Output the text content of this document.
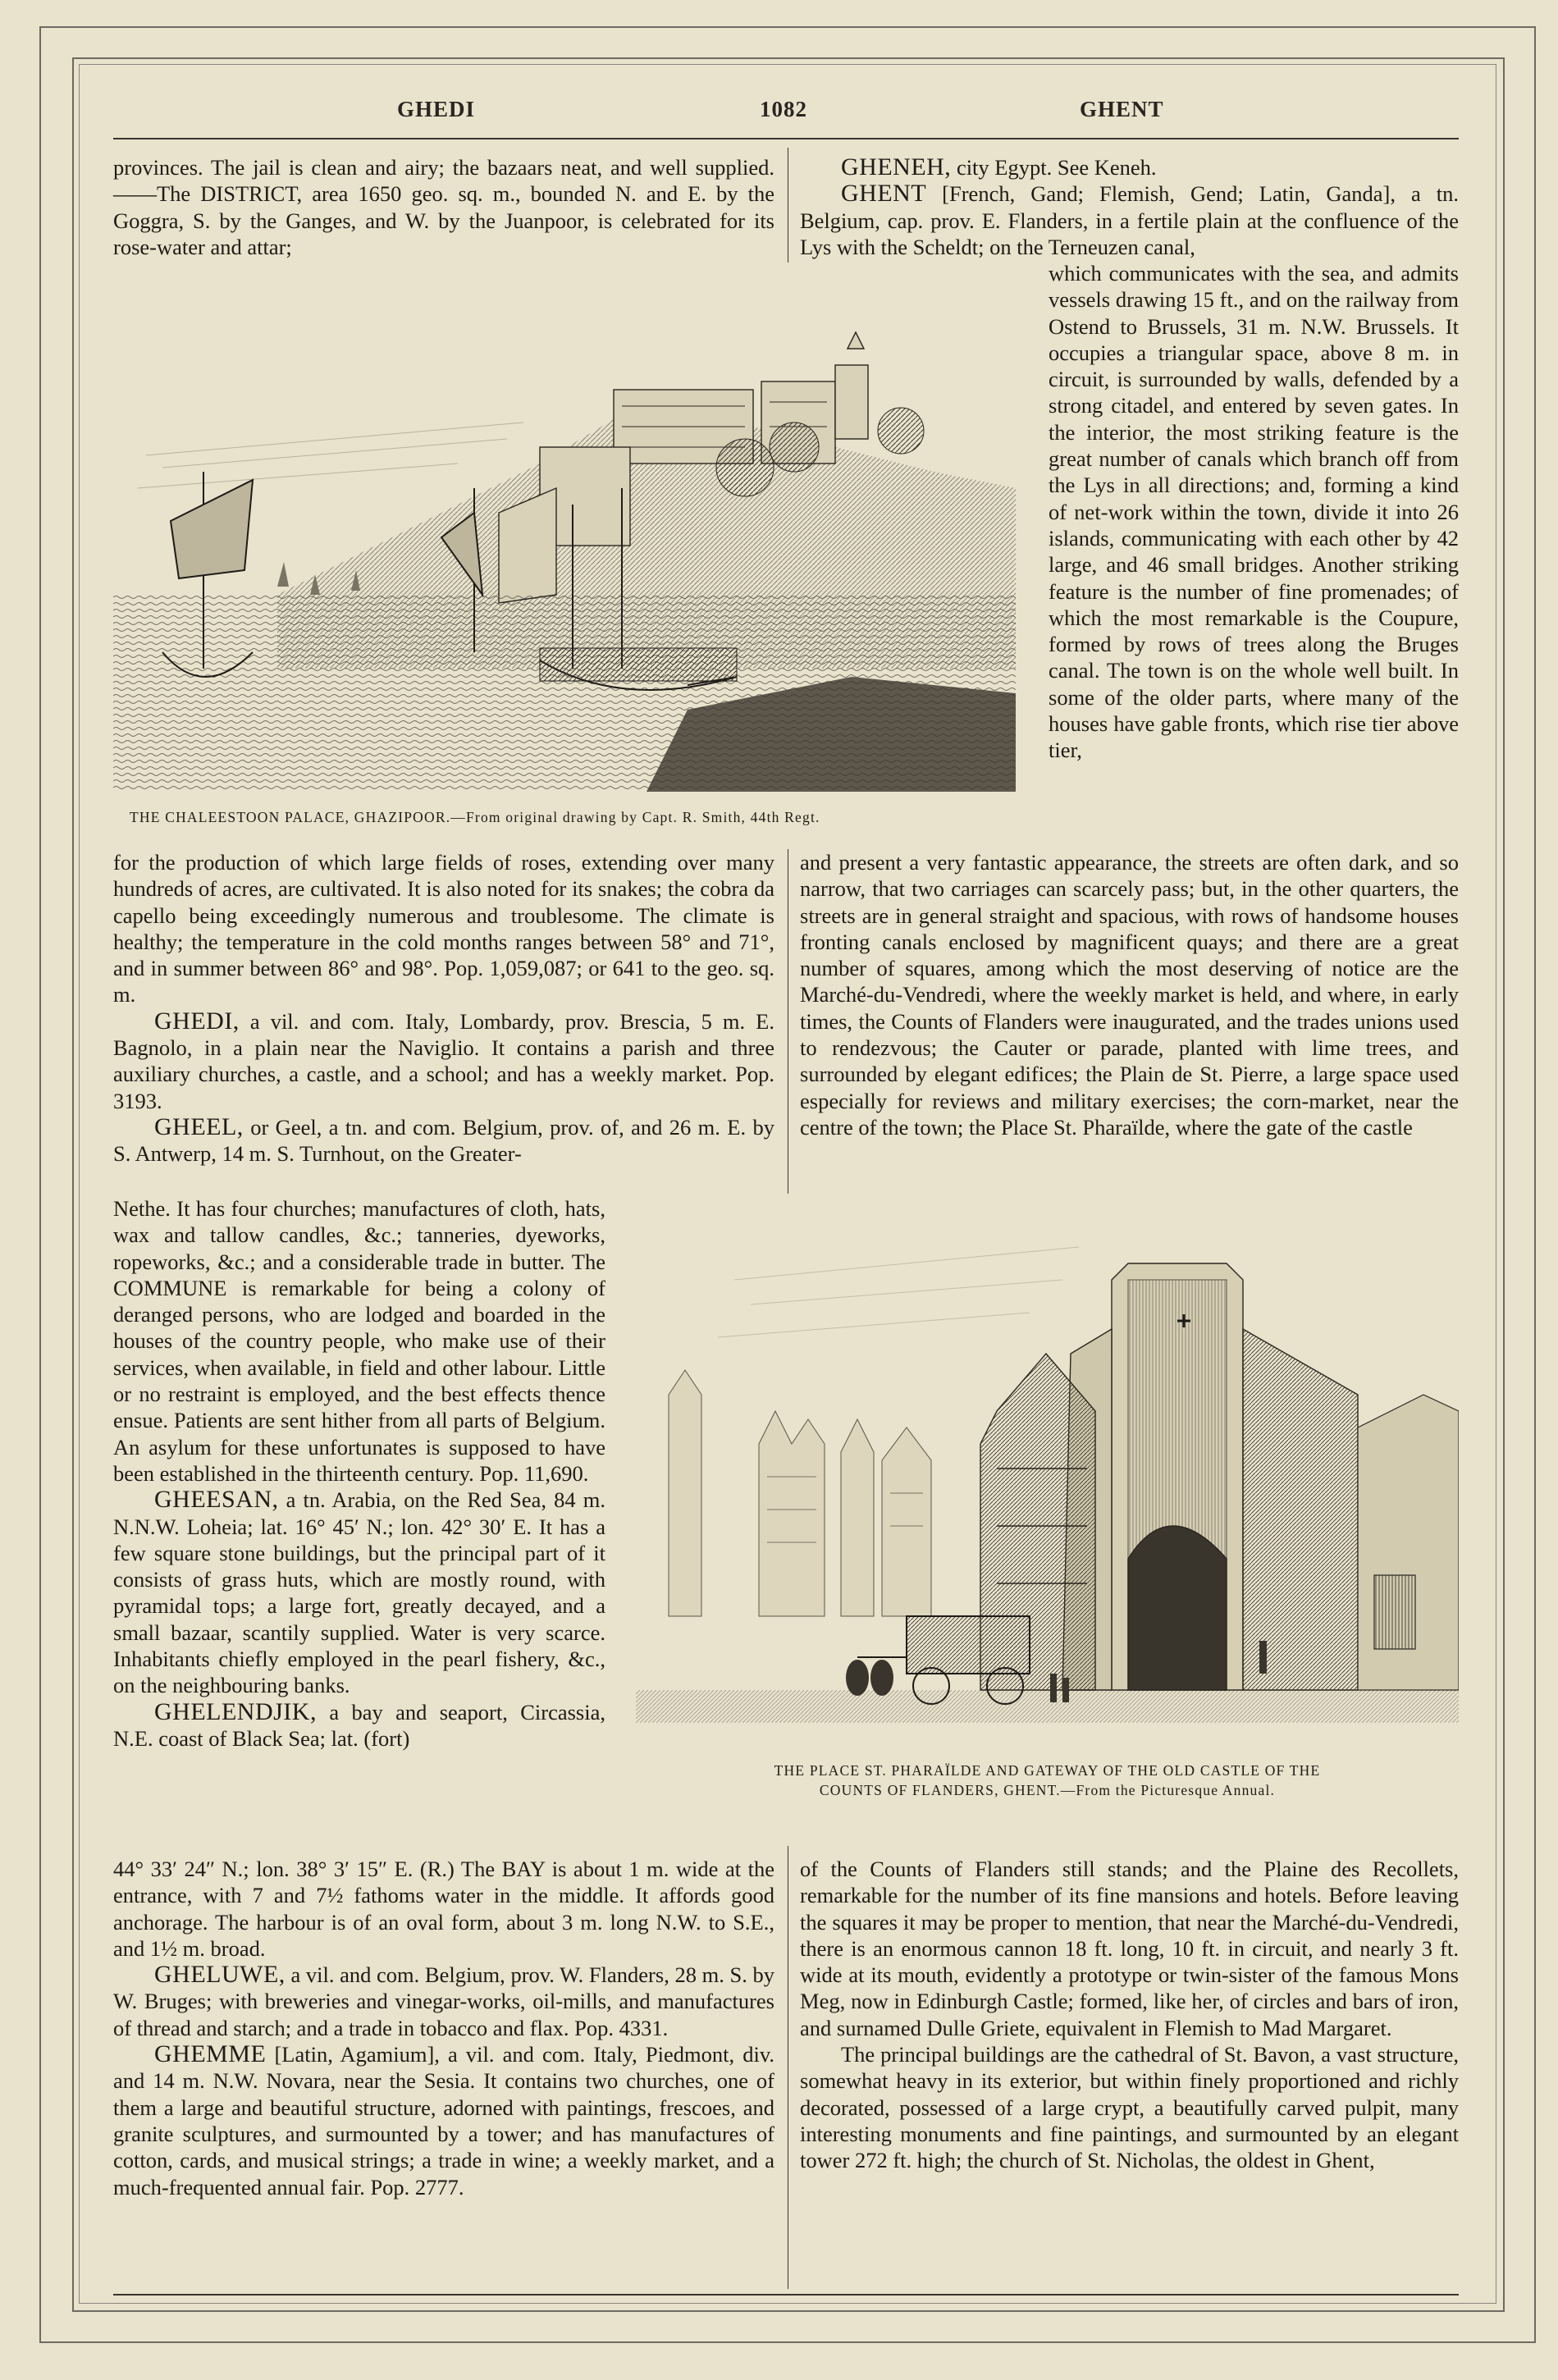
GHEDI	1082	GHENT

provinces. The jail is clean and airy; the bazaars neat, and well supplied.——The DISTRICT, area 1650 geo. sq. m., bounded N. and E. by the Goggra, S. by the Ganges, and W. by the Juanpoor, is celebrated for its rose-water and attar;

THE CHALEESTOON PALACE, GHAZIPOOR.—From original drawing by Capt. R. Smith, 44th Regt.

GHENEH, city Egypt. See Keneh.

GHENT [French, Gand; Flemish, Gend; Latin, Ganda], a tn. Belgium, cap. prov. E. Flanders, in a fertile plain at the confluence of the Lys with the Scheldt; on the Terneuzen canal,

which communicates with the sea, and admits vessels drawing 15 ft., and on the railway from Ostend to Brussels, 31 m. N.W. Brussels. It occupies a triangular space, above 8 m. in circuit, is surrounded by walls, defended by a strong citadel, and entered by seven gates. In the interior, the most striking feature is the great number of canals which branch off from the Lys in all directions; and, forming a kind of net-work within the town, divide it into 26 islands, communicating with each other by 42 large, and 46 small bridges. Another striking feature is the number of fine promenades; of which the most remarkable is the Coupure, formed by rows of trees along the Bruges canal. The town is on the whole well built. In some of the older parts, where many of the houses have gable fronts, which rise tier above tier,

for the production of which large fields of roses, extending over many hundreds of acres, are cultivated. It is also noted for its snakes; the cobra da capello being exceedingly numerous and troublesome. The climate is healthy; the temperature in the cold months ranges between 58° and 71°, and in summer between 86° and 98°. Pop. 1,059,087; or 641 to the geo. sq. m.

GHEDI, a vil. and com. Italy, Lombardy, prov. Brescia, 5 m. E. Bagnolo, in a plain near the Naviglio. It contains a parish and three auxiliary churches, a castle, and a school; and has a weekly market. Pop. 3193.

GHEEL, or Geel, a tn. and com. Belgium, prov. of, and 26 m. E. by S. Antwerp, 14 m. S. Turnhout, on the Greater-

and present a very fantastic appearance, the streets are often dark, and so narrow, that two carriages can scarcely pass; but, in the other quarters, the streets are in general straight and spacious, with rows of handsome houses fronting canals enclosed by magnificent quays; and there are a great number of squares, among which the most deserving of notice are the Marché-du-Vendredi, where the weekly market is held, and where, in early times, the Counts of Flanders were inaugurated, and the trades unions used to rendezvous; the Cauter or parade, planted with lime trees, and surrounded by elegant edifices; the Plain de St. Pierre, a large space used especially for reviews and military exercises; the corn-market, near the centre of the town; the Place St. Pharaïlde, where the gate of the castle

Nethe. It has four churches; manufactures of cloth, hats, wax and tallow candles, &c.; tanneries, dyeworks, ropeworks, &c.; and a considerable trade in butter. The COMMUNE is remarkable for being a colony of deranged persons, who are lodged and boarded in the houses of the country people, who make use of their services, when available, in field and other labour. Little or no restraint is employed, and the best effects thence ensue. Patients are sent hither from all parts of Belgium. An asylum for these unfortunates is supposed to have been established in the thirteenth century. Pop. 11,690.

GHEESAN, a tn. Arabia, on the Red Sea, 84 m. N.N.W. Loheia; lat. 16° 45′ N.; lon. 42° 30′ E. It has a few square stone buildings, but the principal part of it consists of grass huts, which are mostly round, with pyramidal tops; a large fort, greatly decayed, and a small bazaar, scantily supplied. Water is very scarce. Inhabitants chiefly employed in the pearl fishery, &c., on the neighbouring banks.

GHELENDJIK, a bay and seaport, Circassia, N.E. coast of Black Sea; lat. (fort)

THE PLACE ST. PHARAÏLDE AND GATEWAY OF THE OLD CASTLE OF THE
COUNTS OF FLANDERS, GHENT.—From the Picturesque Annual.

44° 33′ 24″ N.; lon. 38° 3′ 15″ E. (R.) The BAY is about 1 m. wide at the entrance, with 7 and 7½ fathoms water in the middle. It affords good anchorage. The harbour is of an oval form, about 3 m. long N.W. to S.E., and 1½ m. broad.

GHELUWE, a vil. and com. Belgium, prov. W. Flanders, 28 m. S. by W. Bruges; with breweries and vinegar-works, oil-mills, and manufactures of thread and starch; and a trade in tobacco and flax. Pop. 4331.

GHEMME [Latin, Agamium], a vil. and com. Italy, Piedmont, div. and 14 m. N.W. Novara, near the Sesia. It contains two churches, one of them a large and beautiful structure, adorned with paintings, frescoes, and granite sculptures, and surmounted by a tower; and has manufactures of cotton, cards, and musical strings; a trade in wine; a weekly market, and a much-frequented annual fair. Pop. 2777.

of the Counts of Flanders still stands; and the Plaine des Recollets, remarkable for the number of its fine mansions and hotels. Before leaving the squares it may be proper to mention, that near the Marché-du-Vendredi, there is an enormous cannon 18 ft. long, 10 ft. in circuit, and nearly 3 ft. wide at its mouth, evidently a prototype or twin-sister of the famous Mons Meg, now in Edinburgh Castle; formed, like her, of circles and bars of iron, and surnamed Dulle Griete, equivalent in Flemish to Mad Margaret.

The principal buildings are the cathedral of St. Bavon, a vast structure, somewhat heavy in its exterior, but within finely proportioned and richly decorated, possessed of a large crypt, a beautifully carved pulpit, many interesting monuments and fine paintings, and surmounted by an elegant tower 272 ft. high; the church of St. Nicholas, the oldest in Ghent,
